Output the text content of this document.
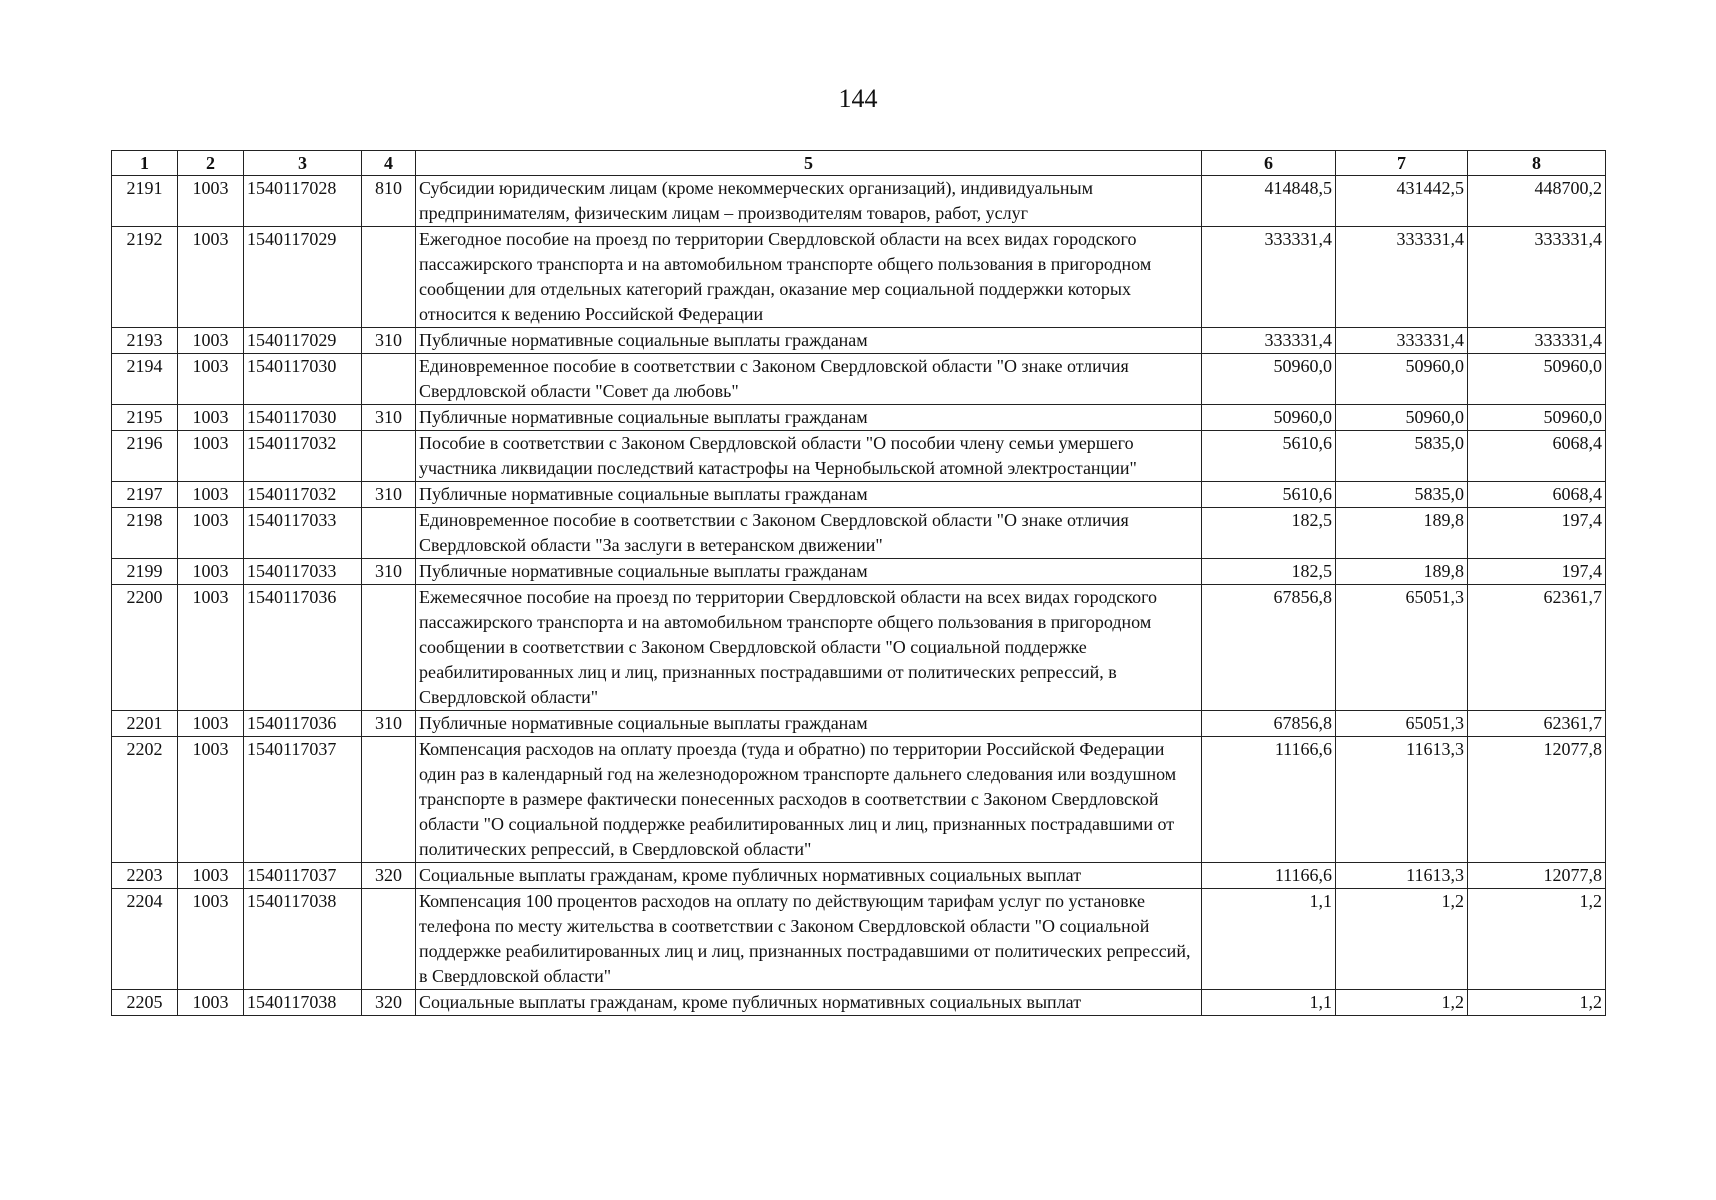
144
1	2	3	4	5	6	7	8
2191	1003	1540117028	810	Субсидии юридическим лицам (кроме некоммерческих организаций), индивидуальным предпринимателям, физическим лицам – производителям товаров, работ, услуг	414848,5	431442,5	448700,2
2192	1003	1540117029		Ежегодное пособие на проезд по территории Свердловской области на всех видах городского пассажирского транспорта и на автомобильном транспорте общего пользования в пригородном сообщении для отдельных категорий граждан, оказание мер социальной поддержки которых относится к ведению Российской Федерации	333331,4	333331,4	333331,4
2193	1003	1540117029	310	Публичные нормативные социальные выплаты гражданам	333331,4	333331,4	333331,4
2194	1003	1540117030		Единовременное пособие в соответствии с Законом Свердловской области "О знаке отличия Свердловской области "Совет да любовь"	50960,0	50960,0	50960,0
2195	1003	1540117030	310	Публичные нормативные социальные выплаты гражданам	50960,0	50960,0	50960,0
2196	1003	1540117032		Пособие в соответствии с Законом Свердловской области "О пособии члену семьи умершего участника ликвидации последствий катастрофы на Чернобыльской атомной электростанции"	5610,6	5835,0	6068,4
2197	1003	1540117032	310	Публичные нормативные социальные выплаты гражданам	5610,6	5835,0	6068,4
2198	1003	1540117033		Единовременное пособие в соответствии с Законом Свердловской области "О знаке отличия Свердловской области "За заслуги в ветеранском движении"	182,5	189,8	197,4
2199	1003	1540117033	310	Публичные нормативные социальные выплаты гражданам	182,5	189,8	197,4
2200	1003	1540117036		Ежемесячное пособие на проезд по территории Свердловской области на всех видах городского пассажирского транспорта и на автомобильном транспорте общего пользования в пригородном сообщении в соответствии с Законом Свердловской области "О социальной поддержке реабилитированных лиц и лиц, признанных пострадавшими от политических репрессий, в Свердловской области"	67856,8	65051,3	62361,7
2201	1003	1540117036	310	Публичные нормативные социальные выплаты гражданам	67856,8	65051,3	62361,7
2202	1003	1540117037		Компенсация расходов на оплату проезда (туда и обратно) по территории Российской Федерации один раз в календарный год на железнодорожном транспорте дальнего следования или воздушном транспорте в размере фактически понесенных расходов в соответствии с Законом Свердловской области "О социальной поддержке реабилитированных лиц и лиц, признанных пострадавшими от политических репрессий, в Свердловской области"	11166,6	11613,3	12077,8
2203	1003	1540117037	320	Социальные выплаты гражданам, кроме публичных нормативных социальных выплат	11166,6	11613,3	12077,8
2204	1003	1540117038		Компенсация 100 процентов расходов на оплату по действующим тарифам услуг по установке телефона по месту жительства в соответствии с Законом Свердловской области "О социальной поддержке реабилитированных лиц и лиц, признанных пострадавшими от политических репрессий, в Свердловской области"	1,1	1,2	1,2
2205	1003	1540117038	320	Социальные выплаты гражданам, кроме публичных нормативных социальных выплат	1,1	1,2	1,2
